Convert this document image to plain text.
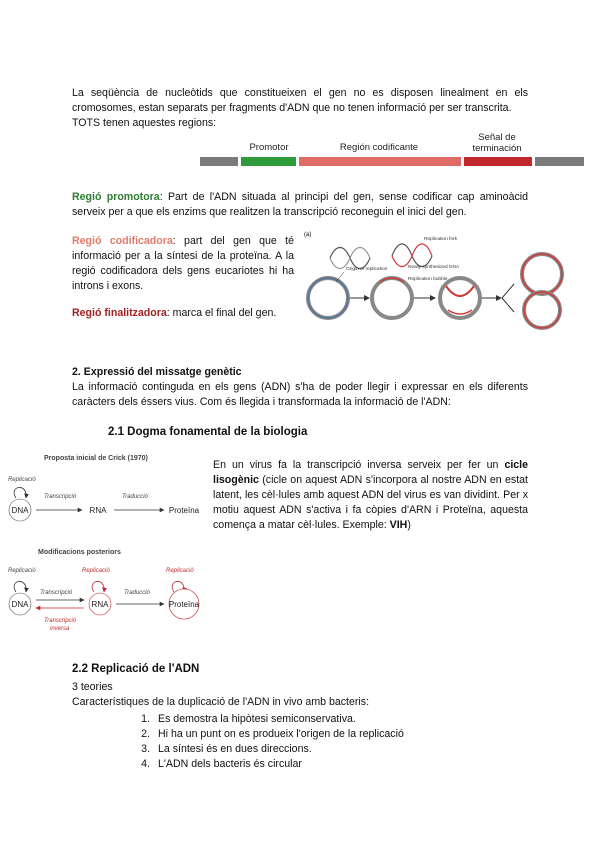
La seqüència de nucleòtids que constitueixen el gen no es disposen linealment en els cromosomes, estan separats per fragments d'ADN que no tenen informació per ser transcrita.
TOTS tenen aquestes regions:
Promotor	Región codificante
Señal de
terminación
Regió promotora: Part de l'ADN situada al principi del gen, sense codificar cap aminoàcid serveix per a que els enzims que realitzen la transcripció reconeguin el inici del gen.
Regió codificadora: part del gen que té informació per a la síntesi de la proteïna. A la regió codificadora dels gens eucariotes hi ha introns i exons.
Regió finalitzadora: marca el final del gen.
(a)
Origin of replication
Replication fork
Newly synthesized DNA
Replication bubble
2. Expressió del missatge genètic
La informació continguda en els gens (ADN) s'ha de poder llegir i expressar en els diferents caràcters dels éssers vius. Com és llegida i transformada la informació de l'ADN:
2.1 Dogma fonamental de la biologia
En un virus fa la transcripció inversa serveix per fer un cicle lisogènic (cicle on aquest ADN s'incorpora al nostre ADN en estat latent, les cèl·lules amb aquest ADN del virus es van dividint. Per x motiu aquest ADN s'activa i fa còpies d'ARN i Proteïna, aquesta comença a matar cèl·lules. Exemple: VIH)
Proposta inicial de Crick (1970)
Replicació
DNA
Transcripció
RNA
Traducció
Proteïna
Modificacions posteriors
Replicació	Replicació	Replicació
DNA
Transcripció
Transcripció
inversa
RNA
Traducció
Proteïna
2.2 Replicació de l'ADN
3 teories
Característiques de la duplicació de l'ADN in vivo amb bacteris:
1. Es demostra la hipòtesi semiconservativa.
2. Hi ha un punt on es produeix l'origen de la replicació
3. La síntesi és en dues direccions.
4. L'ADN dels bacteris és circular
